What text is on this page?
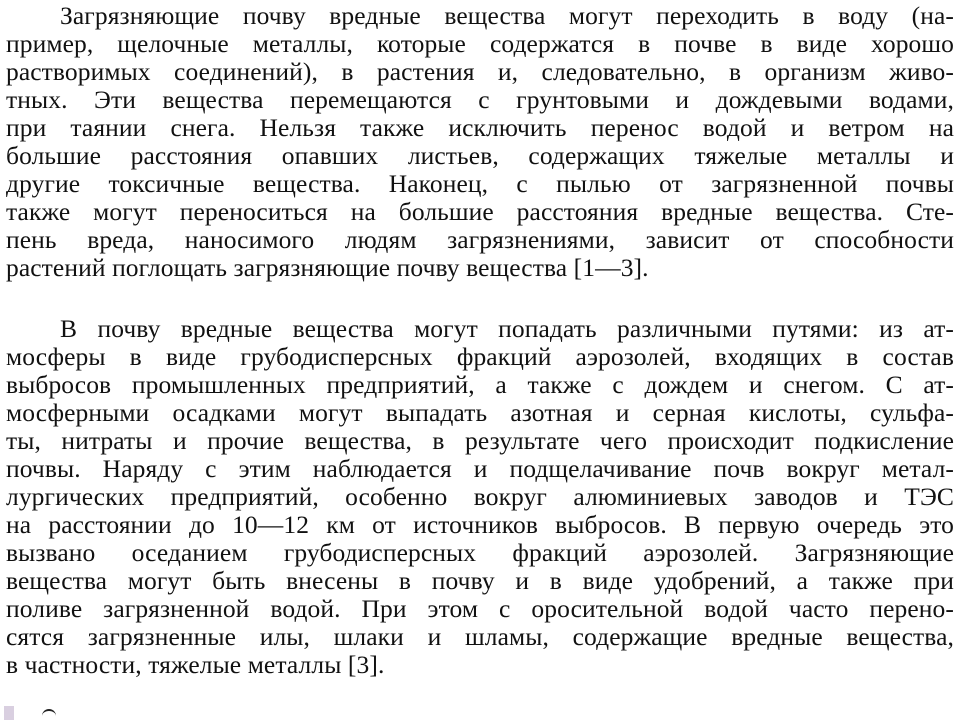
Загрязняющие почву вредные вещества могут переходить в воду (на-
пример, щелочные металлы, которые содержатся в почве в виде хорошо
растворимых соединений), в растения и, следовательно, в организм живо-
тных. Эти вещества перемещаются с грунтовыми и дождевыми водами,
при таянии снега. Нельзя также исключить перенос водой и ветром на
большие расстояния опавших листьев, содержащих тяжелые металлы и
другие токсичные вещества. Наконец, с пылью от загрязненной почвы
также могут переноситься на большие расстояния вредные вещества. Сте-
пень вреда, наносимого людям загрязнениями, зависит от способности
растений поглощать загрязняющие почву вещества [1—3].
В почву вредные вещества могут попадать различными путями: из ат-
мосферы в виде грубодисперсных фракций аэрозолей, входящих в состав
выбросов промышленных предприятий, а также с дождем и снегом. С ат-
мосферными осадками могут выпадать азотная и серная кислоты, сульфа-
ты, нитраты и прочие вещества, в результате чего происходит подкисление
почвы. Наряду с этим наблюдается и подщелачивание почв вокруг метал-
лургических предприятий, особенно вокруг алюминиевых заводов и ТЭС
на расстоянии до 10—12 км от источников выбросов. В первую очередь это
вызвано оседанием грубодисперсных фракций аэрозолей. Загрязняющие
вещества могут быть внесены в почву и в виде удобрений, а также при
поливе загрязненной водой. При этом с оросительной водой часто перено-
сятся загрязненные илы, шлаки и шламы, содержащие вредные вещества,
в частности, тяжелые металлы [3].
